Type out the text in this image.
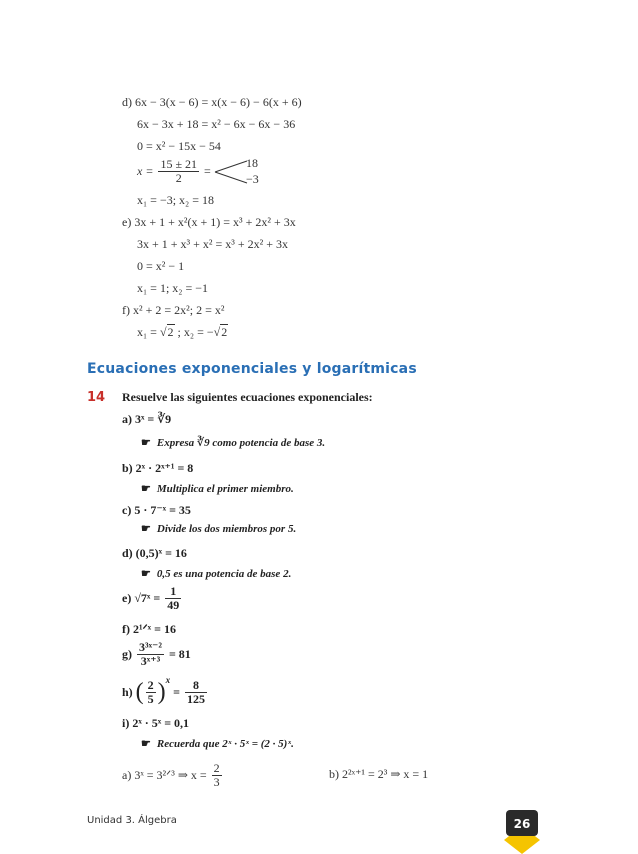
d) 6x − 3(x − 6) = x(x − 6) − 6(x + 6)
6x − 3x + 18 = x² − 6x − 6x − 36
0 = x² − 15x − 54
$x = \frac{15 \pm 21}{2}$ =
18
−3
x₁ = −3; x₂ = 18
e) 3x + 1 + x²(x + 1) = x³ + 2x² + 3x
3x + 1 + x³ + x² = x³ + 2x² + 3x
0 = x² − 1
x₁ = 1; x₂ = −1
f) x² + 2 = 2x²; 2 = x²
x₁ = √2 ; x₂ = −√2
Ecuaciones exponenciales y logarítmicas
14 Resuelve las siguientes ecuaciones exponenciales:
a) 3ˣ = ∛9
☛ Expresa ∛9 como potencia de base 3.
b) 2ˣ · 2ˣ⁺¹ = 8
☛ Multiplica el primer miembro.
c) 5 · 7⁻ˣ = 35
☛ Divide los dos miembros por 5.
d) (0,5)ˣ = 16
☛ 0,5 es una potencia de base 2.
e) √7ˣ = $\frac{1}{49}$
f) 2¹ᐟˣ = 16
$g) \frac{\text{3³ˣ⁻²}}{\text{3ˣ⁺³}} = 81$
h) ( $\frac{2}{5} )^x = \frac{8}{125}$
i) 2ˣ · 5ˣ = 0,1
☛ Recuerda que 2ˣ · 5ˣ = (2 · 5)ˣ.
a) 3ˣ = 3²ᐟ³ ⇒ $x = \frac{2}{3}$	b) 2²ˣ⁺¹ = 2³ ⇒ x = 1
Unidad 3. Álgebra	26
